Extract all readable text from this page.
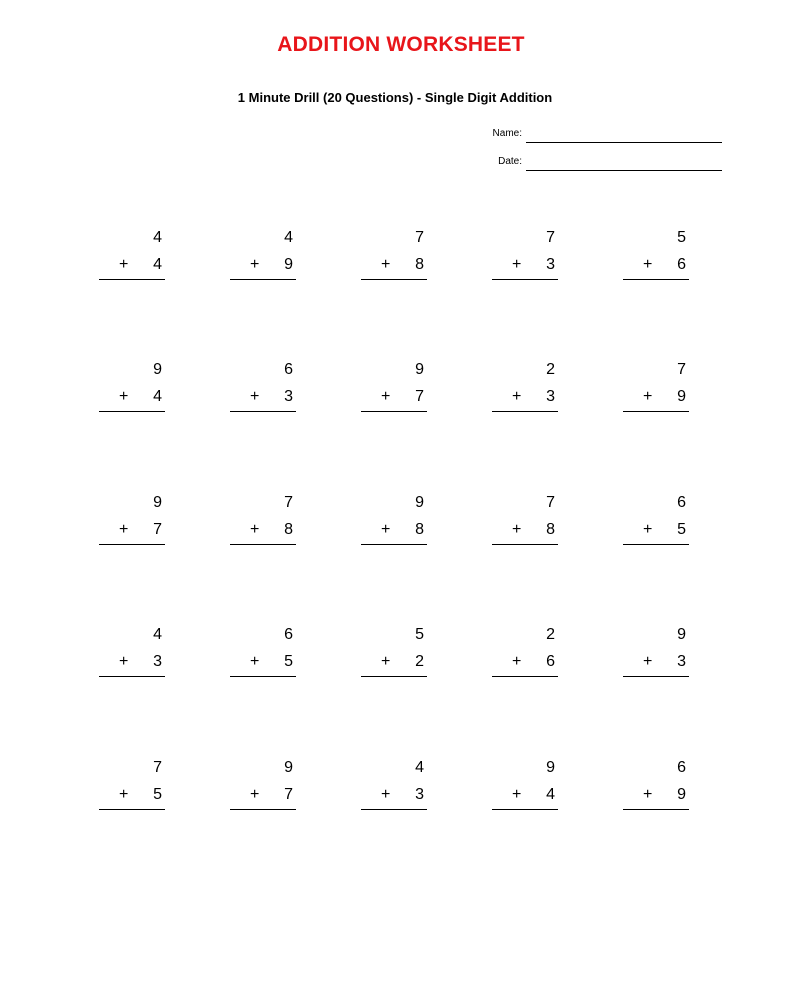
ADDITION WORKSHEET
1 Minute Drill (20 Questions) - Single Digit Addition
Name:
Date:
4
+ 4
4
+ 9
7
+ 8
7
+ 3
5
+ 6
9
+ 4
6
+ 3
9
+ 7
2
+ 3
7
+ 9
9
+ 7
7
+ 8
9
+ 8
7
+ 8
6
+ 5
4
+ 3
6
+ 5
5
+ 2
2
+ 6
9
+ 3
7
+ 5
9
+ 7
4
+ 3
9
+ 4
6
+ 9
